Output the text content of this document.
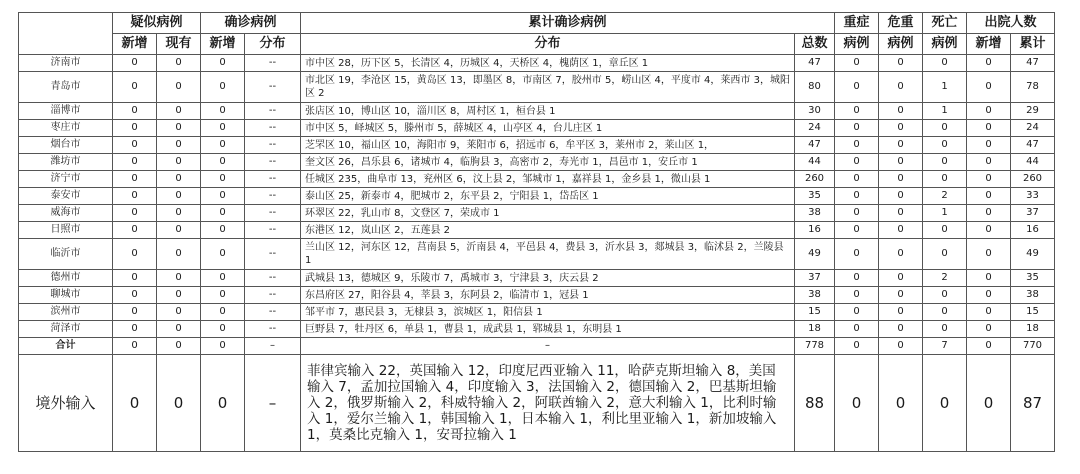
	疑似病例		确诊病例		累计确诊病例		重症	危重	死亡	出院人数	
	新增	现有	新增	分布	分布	总数	病例	病例	病例	新增	累计
济南市	0	0	0	--	市中区 28，历下区 5，长清区 4，历城区 4，天桥区 4，槐荫区 1，章丘区 1	47	0	0	0	0	47
青岛市	0	0	0	--	市北区 19，李沧区 15，黄岛区 13，即墨区 8，市南区 7，胶州市 5，崂山区 4，平度市 4，莱西市 3，城阳区 2	80	0	0	1	0	78
淄博市	0	0	0	--	张店区 10，博山区 10，淄川区 8，周村区 1，桓台县 1	30	0	0	1	0	29
枣庄市	0	0	0	--	市中区 5，峄城区 5，滕州市 5，薛城区 4，山亭区 4，台儿庄区 1	24	0	0	0	0	24
烟台市	0	0	0	--	芝罘区 10，福山区 10，海阳市 9，莱阳市 6，招远市 6，牟平区 3，莱州市 2，莱山区 1，	47	0	0	0	0	47
潍坊市	0	0	0	--	奎文区 26，昌乐县 6，诸城市 4，临朐县 3，高密市 2，寿光市 1，昌邑市 1，安丘市 1	44	0	0	0	0	44
济宁市	0	0	0	--	任城区 235，曲阜市 13，兖州区 6，汶上县 2，邹城市 1，嘉祥县 1，金乡县 1，微山县 1	260	0	0	0	0	260
泰安市	0	0	0	--	泰山区 25，新泰市 4，肥城市 2，东平县 2，宁阳县 1，岱岳区 1	35	0	0	2	0	33
威海市	0	0	0	--	环翠区 22，乳山市 8，文登区 7，荣成市 1	38	0	0	1	0	37
日照市	0	0	0	--	东港区 12，岚山区 2，五莲县 2	16	0	0	0	0	16
临沂市	0	0	0	--	兰山区 12，河东区 12，莒南县 5，沂南县 4，平邑县 4，费县 3，沂水县 3，郯城县 3，临沭县 2，兰陵县 1	49	0	0	0	0	49
德州市	0	0	0	--	武城县 13，德城区 9，乐陵市 7，禹城市 3，宁津县 3，庆云县 2	37	0	0	2	0	35
聊城市	0	0	0	--	东昌府区 27，阳谷县 4，莘县 3，东阿县 2，临清市 1，冠县 1	38	0	0	0	0	38
滨州市	0	0	0	--	邹平市 7，惠民县 3，无棣县 3，滨城区 1，阳信县 1	15	0	0	0	0	15
菏泽市	0	0	0	--	巨野县 7，牡丹区 6，单县 1，曹县 1，成武县 1，郓城县 1，东明县 1	18	0	0	0	0	18
合计	0	0	0	–	–	778	0	0	7	0	770
境外输入	0	0	0	–	菲律宾输入 22，英国输入 12，印度尼西亚输入 11，哈萨克斯坦输入 8，美国输入 7，孟加拉国输入 4，印度输入 3，法国输入 2，德国输入 2，巴基斯坦输入 2，俄罗斯输入 2，科威特输入 2，阿联酋输入 2，意大利输入 1，比利时输入 1，爱尔兰输入 1，韩国输入 1，日本输入 1，利比里亚输入 1，新加坡输入 1，莫桑比克输入 1，安哥拉输入 1	88	0	0	0	0	87
